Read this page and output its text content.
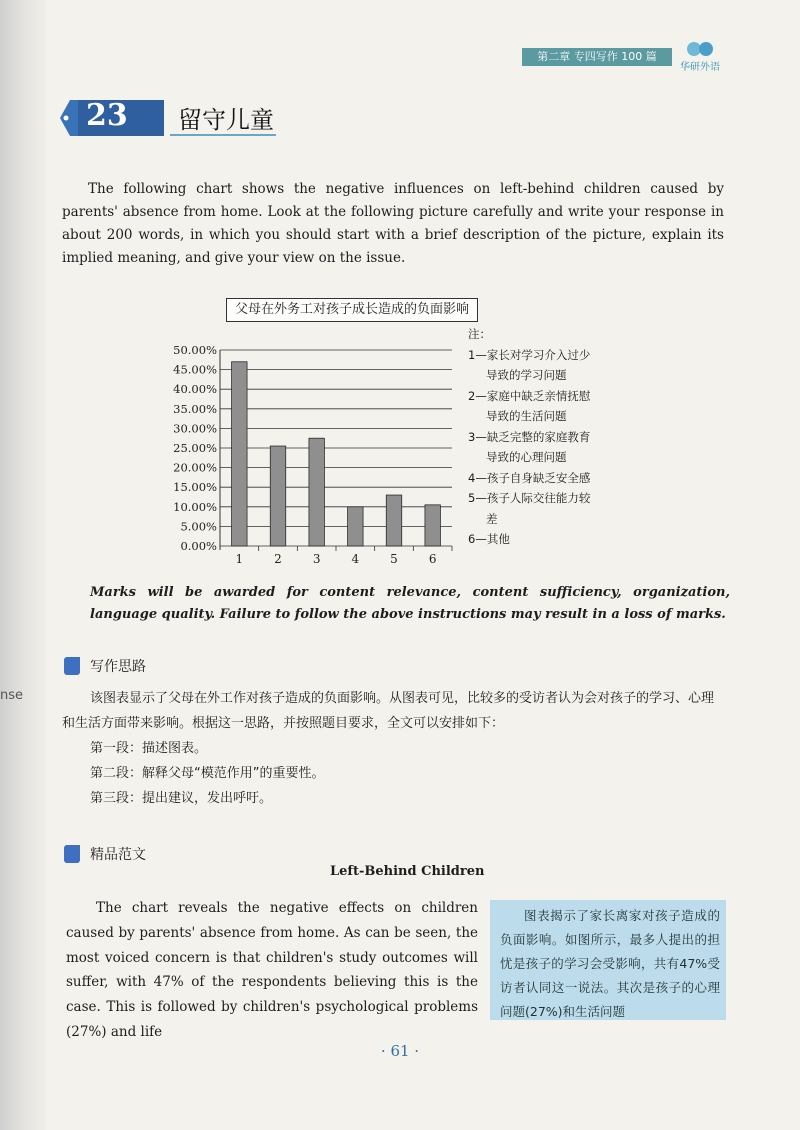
nse
第二章 专四写作 100 篇
华研外语
23 留守儿童
The following chart shows the negative influences on left-behind children caused by parents' absence from home. Look at the following picture carefully and write your response in about 200 words, in which you should start with a brief description of the picture, explain its implied meaning, and give your view on the issue.
父母在外务工对孩子成长造成的负面影响
0.00%
5.00%
10.00%
15.00%
20.00%
25.00%
30.00%
35.00%
40.00%
45.00%
50.00%
1	2	3	4	5	6
注：
1—家长对学习介入过少
导致的学习问题
2—家庭中缺乏亲情抚慰
导致的生活问题
3—缺乏完整的家庭教育
导致的心理问题
4—孩子自身缺乏安全感
5—孩子人际交往能力较
差
6—其他
Marks will be awarded for content relevance, content sufficiency, organization, language quality. Failure to follow the above instructions may result in a loss of marks.
写作思路

该图表显示了父母在外工作对孩子造成的负面影响。从图表可见，比较多的受访者认为会对孩子的学习、心理和生活方面带来影响。根据这一思路，并按照题目要求，全文可以安排如下：

第一段：描述图表。

第二段：解释父母“模范作用”的重要性。

第三段：提出建议，发出呼吁。

精品范文
Left-Behind Children
The chart reveals the negative effects on children caused by parents' absence from home. As can be seen, the most voiced concern is that children's study outcomes will suffer, with 47% of the respondents believing this is the case. This is followed by children's psychological problems (27%) and life
图表揭示了家长离家对孩子造成的负面影响。如图所示，最多人提出的担忧是孩子的学习会受影响，共有47%受访者认同这一说法。其次是孩子的心理问题(27%)和生活问题
· 61 ·
